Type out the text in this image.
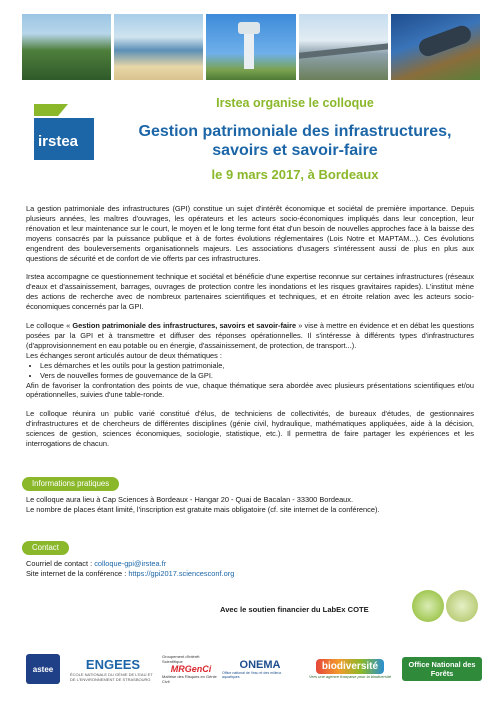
irstea
Irstea organise le colloque
Gestion patrimoniale des infrastructures,
savoirs et savoir-faire
le 9 mars 2017, à Bordeaux

La gestion patrimoniale des infrastructures (GPI) constitue un sujet d'intérêt économique et sociétal de première importance. Depuis plusieurs années, les maîtres d'ouvrages, les opérateurs et les acteurs socio-économiques impliqués dans leur conception, leur rénovation et leur maintenance sur le court, le moyen et le long terme font état d'un besoin de nouvelles approches face à la baisse des moyens consacrés par la puissance publique et à de fortes évolutions réglementaires (Lois Notre et MAPTAM...). Ces évolutions engendrent des bouleversements organisationnels majeurs. Les associations d'usagers s'intéressent aussi de plus en plus aux questions de sécurité et de confort de vie offerts par ces infrastructures.

Irstea accompagne ce questionnement technique et sociétal et bénéficie d'une expertise reconnue sur certaines infrastructures (réseaux d'eaux et d'assainissement, barrages, ouvrages de protection contre les inondations et les risques gravitaires rapides). L'institut mène des actions de recherche avec de nombreux partenaires scientifiques et techniques, et en étroite relation avec les acteurs socio-économiques concernés par la GPI.

Le colloque « Gestion patrimoniale des infrastructures, savoirs et savoir-faire » vise à mettre en évidence et en débat les questions posées par la GPI et à transmettre et diffuser des réponses opérationnelles. Il s'intéresse à différents types d'infrastructures (d'approvisionnement en eau potable ou en énergie, d'assainissement, de protection, de transport...).
Les échanges seront articulés autour de deux thématiques :
• Les démarches et les outils pour la gestion patrimoniale,
• Vers de nouvelles formes de gouvernance de la GPI.
Afin de favoriser la confrontation des points de vue, chaque thématique sera abordée avec plusieurs présentations scientifiques et/ou opérationnelles, suivies d'une table-ronde.

Le colloque réunira un public varié constitué d'élus, de techniciens de collectivités, de bureaux d'études, de gestionnaires d'infrastructures et de chercheurs de différentes disciplines (génie civil, hydraulique, mathématiques appliquées, aide à la décision, sciences de gestion, sciences économiques, sociologie, statistique, etc.). Il permettra de faire partager les expériences et les interrogations de chacun.

Informations pratiques
Le colloque aura lieu à Cap Sciences à Bordeaux - Hangar 20 - Quai de Bacalan - 33300 Bordeaux.
Le nombre de places étant limité, l'inscription est gratuite mais obligatoire (cf. site internet de la conférence).
Contact
Courriel de contact : colloque-gpi@irstea.fr
Site internet de la conférence : https://gpi2017.sciencesconf.org
Avec le soutien financier du LabEx COTE
astee	ENGEES
ÉCOLE NATIONALE DU GÉNIE DE L'EAU ET DE L'ENVIRONNEMENT DE STRASBOURG
Groupement d'intérêt Scientifique
MRGenCi
Maîtrise des Risques en Génie Civil
ONEMA
Office national de l'eau et des milieux aquatiques
biodiversité
Vers une agence française pour la biodiversité
Office National des Forêts
